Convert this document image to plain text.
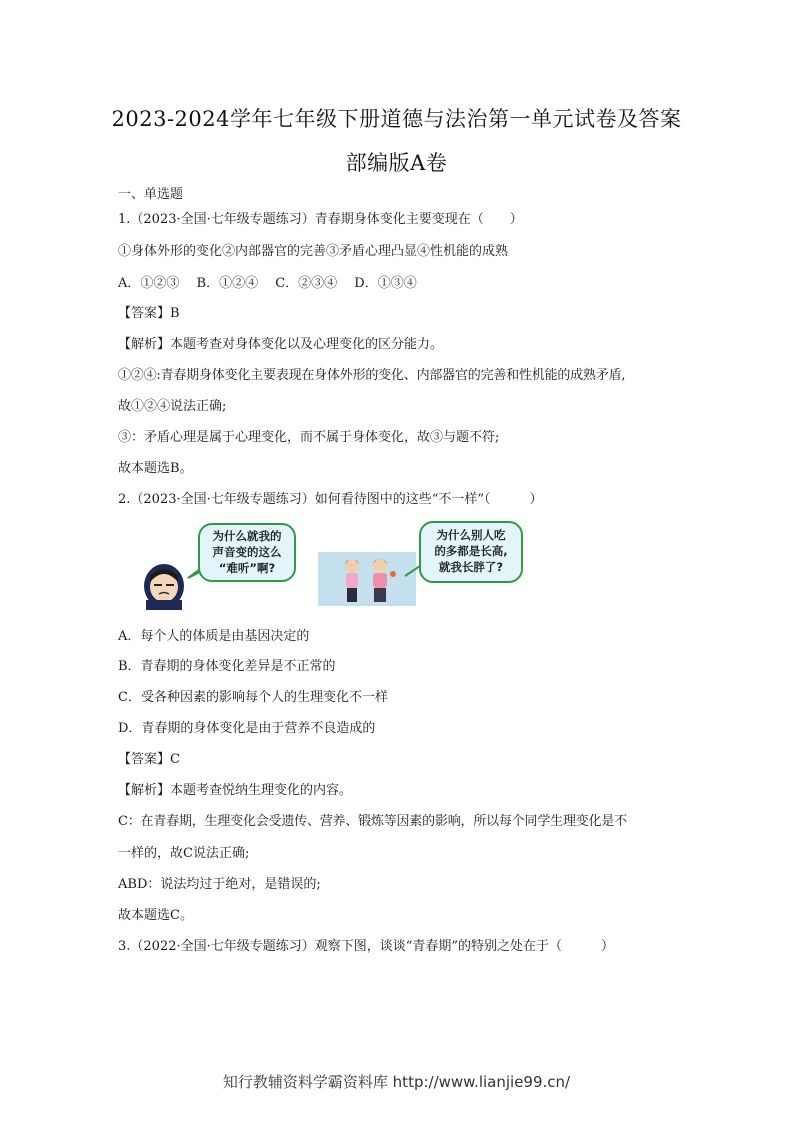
2023-2024学年七年级下册道德与法治第一单元试卷及答案
部编版A卷
一、单选题
1.（2023·全国·七年级专题练习）青春期身体变化主要变现在（　　）
①身体外形的变化②内部器官的完善③矛盾心理凸显④性机能的成熟
A．①②③　 B．①②④　 C．②③④　 D．①③④
【答案】B
【解析】本题考查对身体变化以及心理变化的区分能力。
①②④:青春期身体变化主要表现在身体外形的变化、内部器官的完善和性机能的成熟矛盾,
故①②④说法正确;
③：矛盾心理是属于心理变化，而不属于身体变化，故③与题不符;
故本题选B。
2.（2023·全国·七年级专题练习）如何看待图中的这些“不一样”（　　　）
为什么就我的
声音变的这么
“难听”啊?
为什么别人吃
的多都是长高,
就我长胖了?
A．每个人的体质是由基因决定的
B．青春期的身体变化差异是不正常的
C．受各种因素的影响每个人的生理变化不一样
D．青春期的身体变化是由于营养不良造成的
【答案】C
【解析】本题考查悦纳生理变化的内容。
C：在青春期，生理变化会受遗传、营养、锻炼等因素的影响，所以每个同学生理变化是不
一样的，故C说法正确;
ABD：说法均过于绝对，是错误的;
故本题选C。
3.（2022·全国·七年级专题练习）观察下图，谈谈“青春期”的特别之处在于（　　　）
知行教辅资料学霸资料库 http://www.lianjie99.cn/
